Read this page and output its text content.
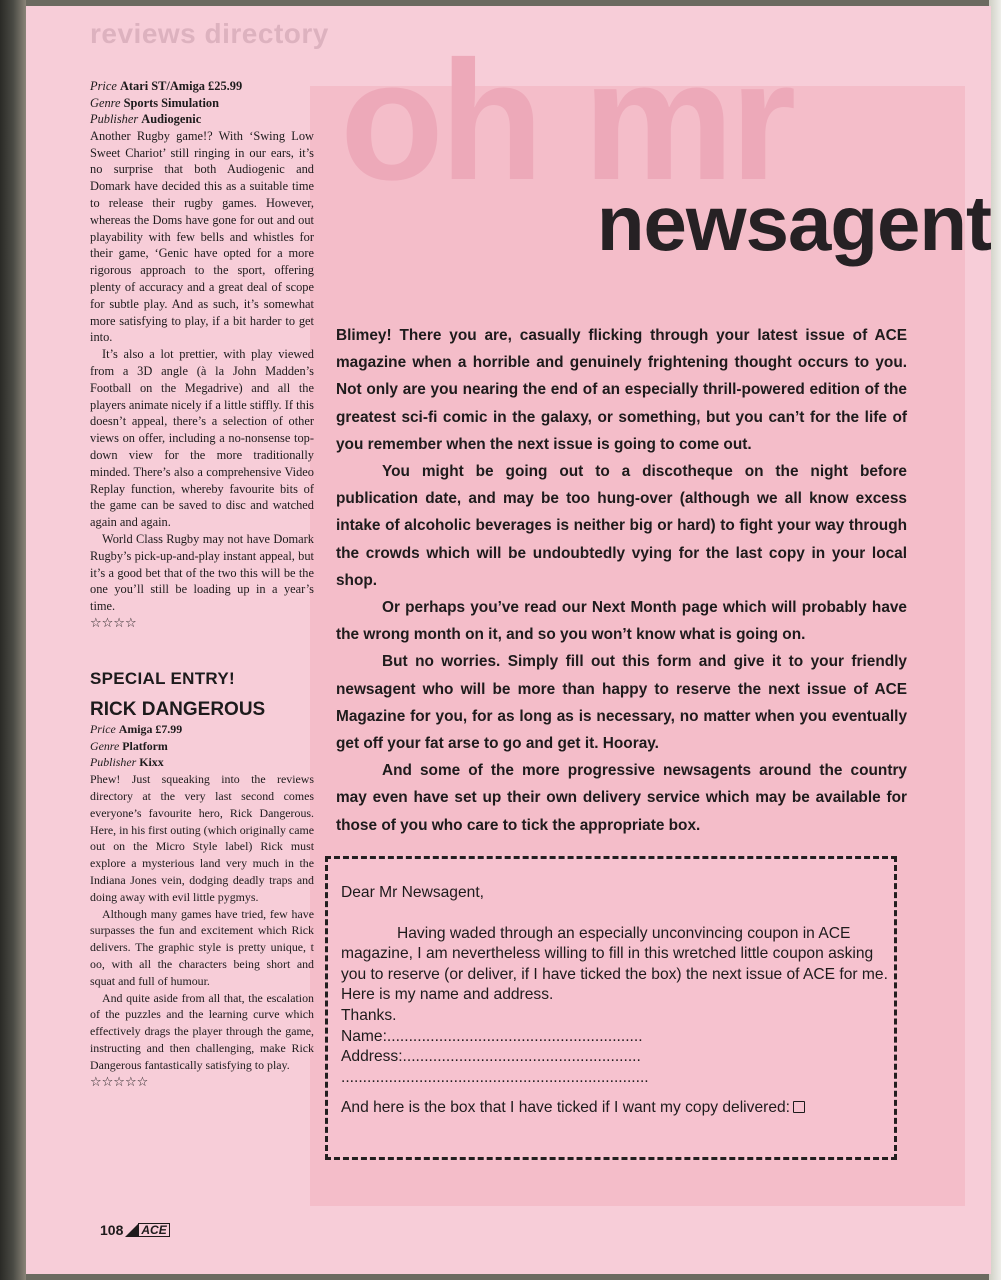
reviews directory oh mr
newsagent

Price Atari ST/Amiga £25.99

Genre Sports Simulation

Publisher Audiogenic

Another Rugby game!? With ‘Swing Low Sweet Chariot’ still ringing in our ears, it’s no surprise that both Audiogenic and Domark have decided this as a suitable time to release their rugby games. However, whereas the Doms have gone for out and out playability with few bells and whistles for their game, ‘Genic have opted for a more rigorous approach to the sport, offering plenty of accuracy and a great deal of scope for subtle play. And as such, it’s somewhat more satisfying to play, if a bit harder to get into.

It’s also a lot prettier, with play viewed from a 3D angle (à la John Madden’s Football on the Megadrive) and all the players animate nicely if a little stiffly. If this doesn’t appeal, there’s a selection of other views on offer, including a no-nonsense top-down view for the more traditionally minded. There’s also a comprehensive Video Replay function, whereby favourite bits of the game can be saved to disc and watched again and again.

World Class Rugby may not have Domark Rugby’s pick-up-and-play instant appeal, but it’s a good bet that of the two this will be the one you’ll still be loading up in a year’s time.

☆☆☆☆
SPECIAL ENTRY!
RICK DANGEROUS

Price Amiga £7.99

Genre Platform

Publisher Kixx

Phew! Just squeaking into the reviews directory at the very last second comes everyone’s favourite hero, Rick Dangerous. Here, in his first outing (which originally came out on the Micro Style label) Rick must explore a mysterious land very much in the Indiana Jones vein, dodging deadly traps and doing away with evil little pygmys.

Although many games have tried, few have surpasses the fun and excitement which Rick delivers. The graphic style is pretty unique, t oo, with all the characters being short and squat and full of humour.

And quite aside from all that, the escalation of the puzzles and the learning curve which effectively drags the player through the game, instructing and then challenging, make Rick Dangerous fantastically satisfying to play.

☆☆☆☆☆

Blimey! There you are, casually flicking through your latest issue of ACE magazine when a horrible and genuinely frightening thought occurs to you. Not only are you nearing the end of an especially thrill-powered edition of the greatest sci-fi comic in the galaxy, or something, but you can’t for the life of you remember when the next issue is going to come out.

You might be going out to a discotheque on the night before publication date, and may be too hung-over (although we all know excess intake of alcoholic beverages is neither big or hard) to fight your way through the crowds which will be undoubtedly vying for the last copy in your local shop.

Or perhaps you’ve read our Next Month page which will probably have the wrong month on it, and so you won’t know what is going on.

But no worries. Simply fill out this form and give it to your friendly newsagent who will be more than happy to reserve the next issue of ACE Magazine for you, for as long as is necessary, no matter when you eventually get off your fat arse to go and get it. Hooray.

And some of the more progressive newsagents around the country may even have set up their own delivery service which may be available for those of you who care to tick the appropriate box.

Dear Mr Newsagent,
Having waded through an especially unconvincing coupon in ACE magazine, I am nevertheless willing to fill in this wretched little coupon asking you to reserve (or deliver, if I have ticked the box) the next issue of ACE for me. Here is my name and address.
Thanks.
Name:...........................................................
Address:.......................................................
.......................................................................
And here is the box that I have ticked if I want my copy delivered:
108 ACE
